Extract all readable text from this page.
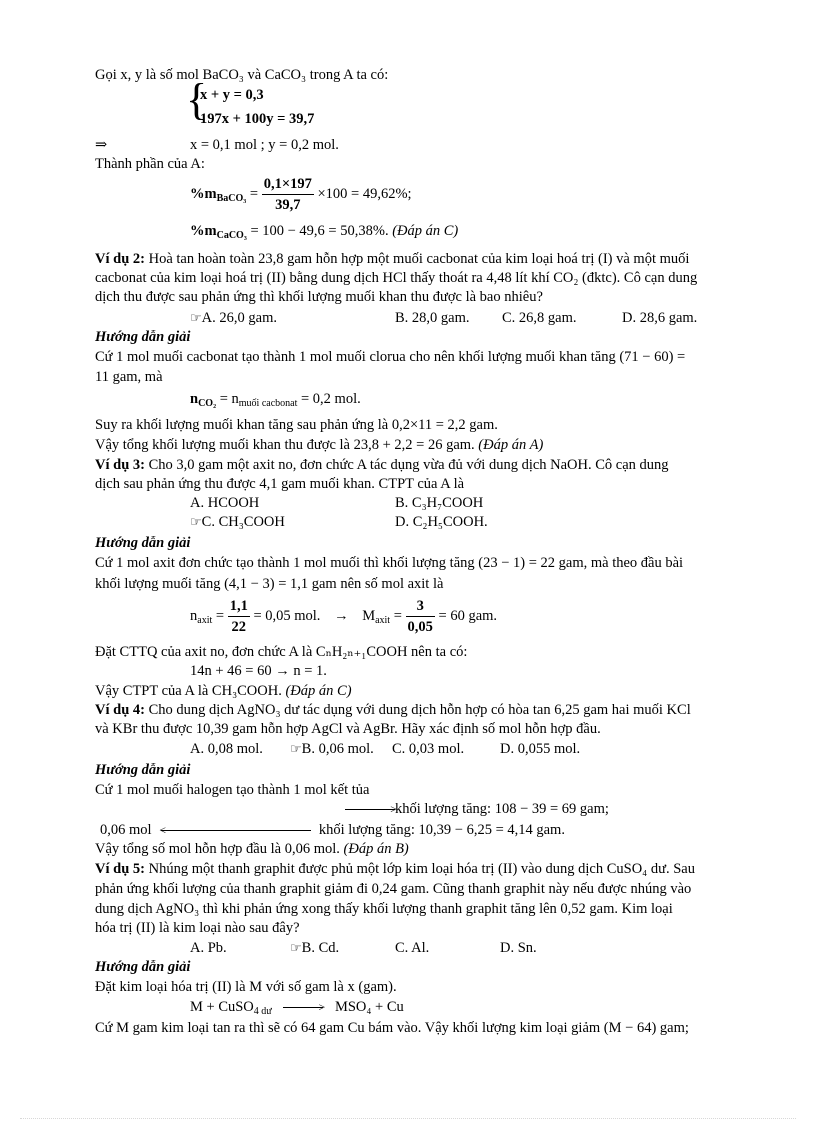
Gọi x, y là số mol BaCO₃ và CaCO₃ trong A ta có:
{
x + y = 0,3
197x + 100y = 39,7
⇒	x = 0,1 mol ; y = 0,2 mol.
Thành phần của A:
$\%m_{BaCO_3} = \frac{0,1\times 197}{39,7} \times 100 = 49,62\%$;
$\%m_{CaCO_3} = 100 - 49,6 = 50,38\%$. (Đáp án C)
Ví dụ 2: Hoà tan hoàn toàn 23,8 gam hỗn hợp một muối cacbonat của kim loại hoá trị (I) và một muối
cacbonat của kim loại hoá trị (II) bằng dung dịch HCl thấy thoát ra 4,48 lít khí CO₂ (đktc). Cô cạn dung
dịch thu được sau phản ứng thì khối lượng muối khan thu được là bao nhiêu?
☞A. 26,0 gam.	B. 28,0 gam. C. 26,8 gam.	D. 28,6 gam.
Hướng dẫn giải
Cứ 1 mol muối cacbonat tạo thành 1 mol muối clorua cho nên khối lượng muối khan tăng (71 − 60) =
11 gam, mà
$n_{CO_2} = n_{muối cacbonat} = 0,2$ mol.
Suy ra khối lượng muối khan tăng sau phản ứng là 0,2×11 = 2,2 gam.
Vậy tổng khối lượng muối khan thu được là 23,8 + 2,2 = 26 gam. (Đáp án A)
Ví dụ 3: Cho 3,0 gam một axit no, đơn chức A tác dụng vừa đủ với dung dịch NaOH. Cô cạn dung
dịch sau phản ứng thu được 4,1 gam muối khan. CTPT của A là
A. HCOOH	B. C₃H₇COOH
☞C. CH₃COOH	D. C₂H₅COOH.
Hướng dẫn giải
Cứ 1 mol axit đơn chức tạo thành 1 mol muối thì khối lượng tăng (23 − 1) = 22 gam, mà theo đầu bài
khối lượng muối tăng (4,1 − 3) = 1,1 gam nên số mol axit là
$n_{axit} = \frac{1,1}{22} = 0,05$ mol. → $M_{axit} = \frac{3}{0,05} = 60$ gam.
Đặt CTTQ của axit no, đơn chức A là CₙH₂ₙ₊₁COOH nên ta có:
14n + 46 = 60 → n = 1.
Vậy CTPT của A là CH₃COOH. (Đáp án C)
Ví dụ 4: Cho dung dịch AgNO₃ dư tác dụng với dung dịch hỗn hợp có hòa tan 6,25 gam hai muối KCl
và KBr thu được 10,39 gam hỗn hợp AgCl và AgBr. Hãy xác định số mol hỗn hợp đầu.
A. 0,08 mol. ☞B. 0,06 mol. C. 0,03 mol. D. 0,055 mol.
Hướng dẫn giải
Cứ 1 mol muối halogen tạo thành 1 mol kết tủa
>
khối lượng tăng: 108 − 39 = 69 gam;
0,06 mol <	khối lượng tăng: 10,39 − 6,25 = 4,14 gam.
Vậy tổng số mol hỗn hợp đầu là 0,06 mol. (Đáp án B)
Ví dụ 5: Nhúng một thanh graphit được phủ một lớp kim loại hóa trị (II) vào dung dịch CuSO₄ dư. Sau
phản ứng khối lượng của thanh graphit giảm đi 0,24 gam. Cũng thanh graphit này nếu được nhúng vào
dung dịch AgNO₃ thì khi phản ứng xong thấy khối lượng thanh graphit tăng lên 0,52 gam. Kim loại
hóa trị (II) là kim loại nào sau đây?
A. Pb.	☞B. Cd.	C. Al.	D. Sn.
Hướng dẫn giải
Đặt kim loại hóa trị (II) là M với số gam là x (gam).
M + CuSO$_{4 dư}$	> MSO₄ + Cu
Cứ M gam kim loại tan ra thì sẽ có 64 gam Cu bám vào. Vậy khối lượng kim loại giảm (M − 64) gam;
